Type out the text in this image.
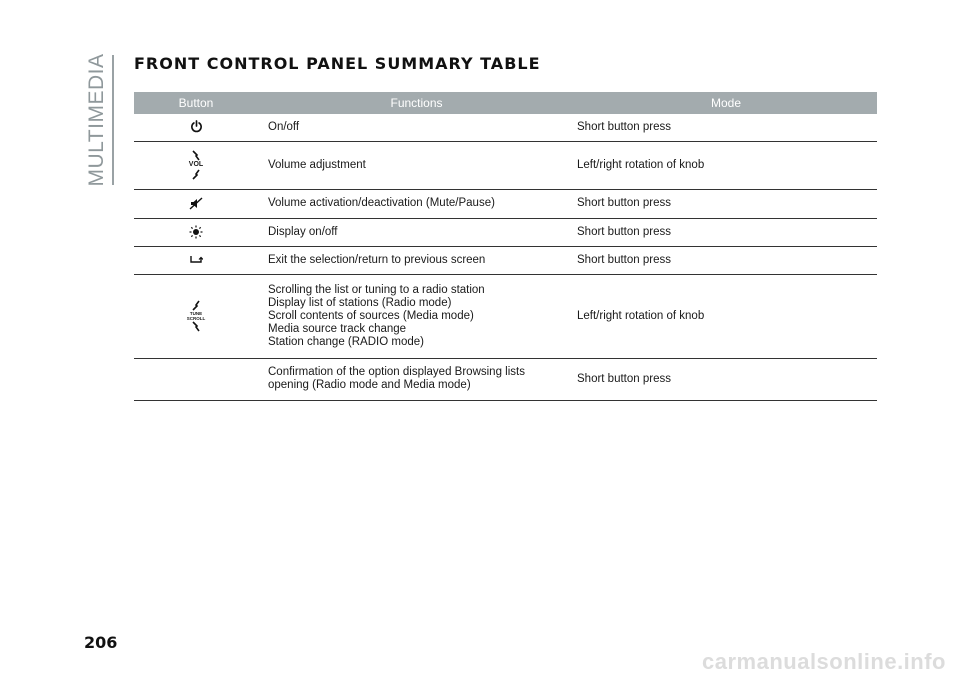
MULTIMEDIA FRONT CONTROL PANEL SUMMARY TABLE
Button	Functions	Mode

	On/off	Short button press

VOL	Volume adjustment	Left/right rotation of knob

	Volume activation/deactivation (Mute/Pause)	Short button press

	Display on/off	Short button press

	Exit the selection/return to previous screen	Short button press

TUNE
SCROLL	Scrolling the list or tuning to a radio station
Display list of stations (Radio mode)
Scroll contents of sources (Media mode)
Media source track change
Station change (RADIO mode)	Left/right rotation of knob

	Confirmation of the option displayed Browsing lists
opening (Radio mode and Media mode)	Short button press
206
carmanualsonline.info
